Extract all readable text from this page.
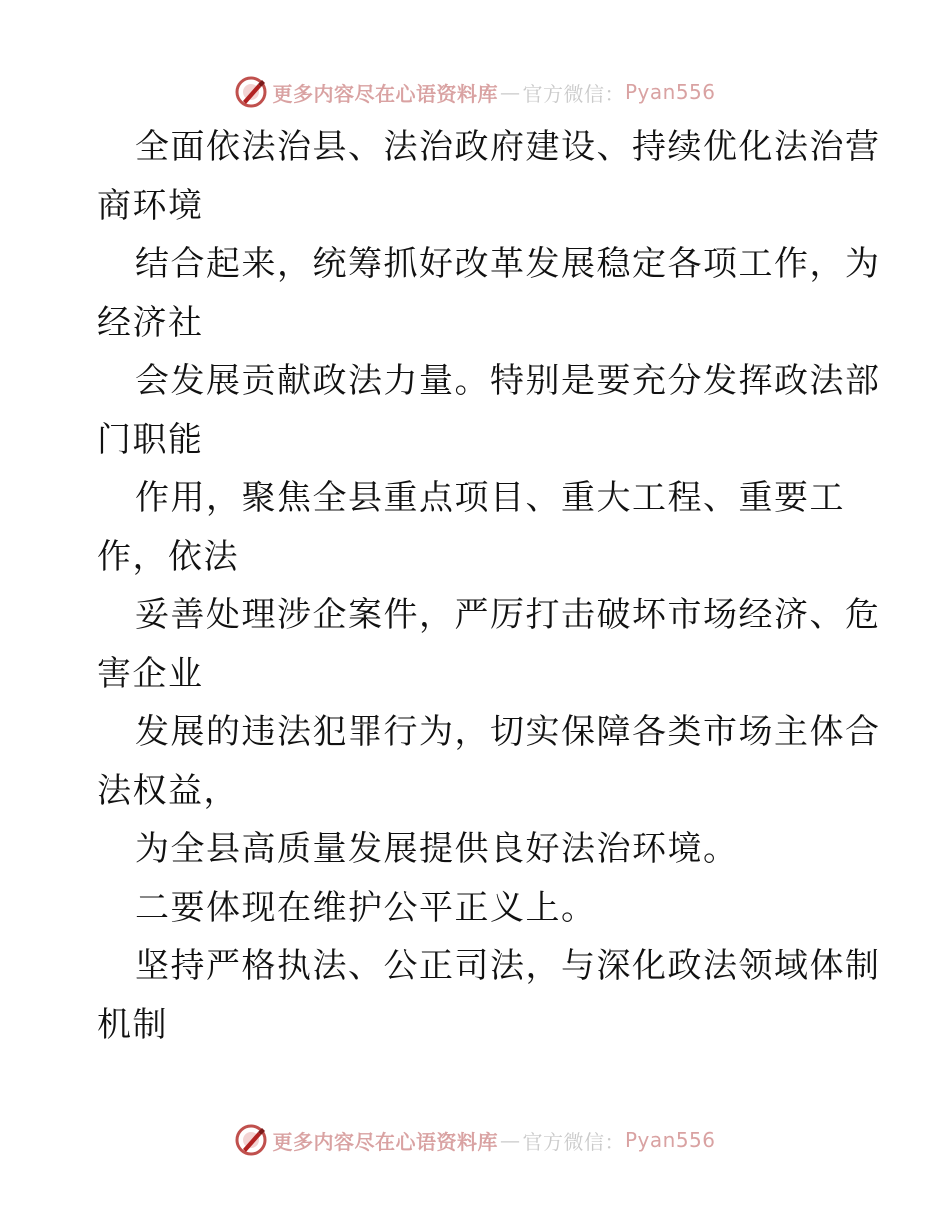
更多内容尽在心语资料库 — 官方微信： Pyan556
全面依法治县、法治政府建设、持续优化法治营
商环境
结合起来，统筹抓好改革发展稳定各项工作，为
经济社
会发展贡献政法力量。特别是要充分发挥政法部
门职能
作用，聚焦全县重点项目、重大工程、重要工
作，依法
妥善处理涉企案件，严厉打击破坏市场经济、危
害企业
发展的违法犯罪行为，切实保障各类市场主体合
法权益，
为全县高质量发展提供良好法治环境。
二要体现在维护公平正义上。
坚持严格执法、公正司法，与深化政法领域体制
机制
更多内容尽在心语资料库 — 官方微信： Pyan556
